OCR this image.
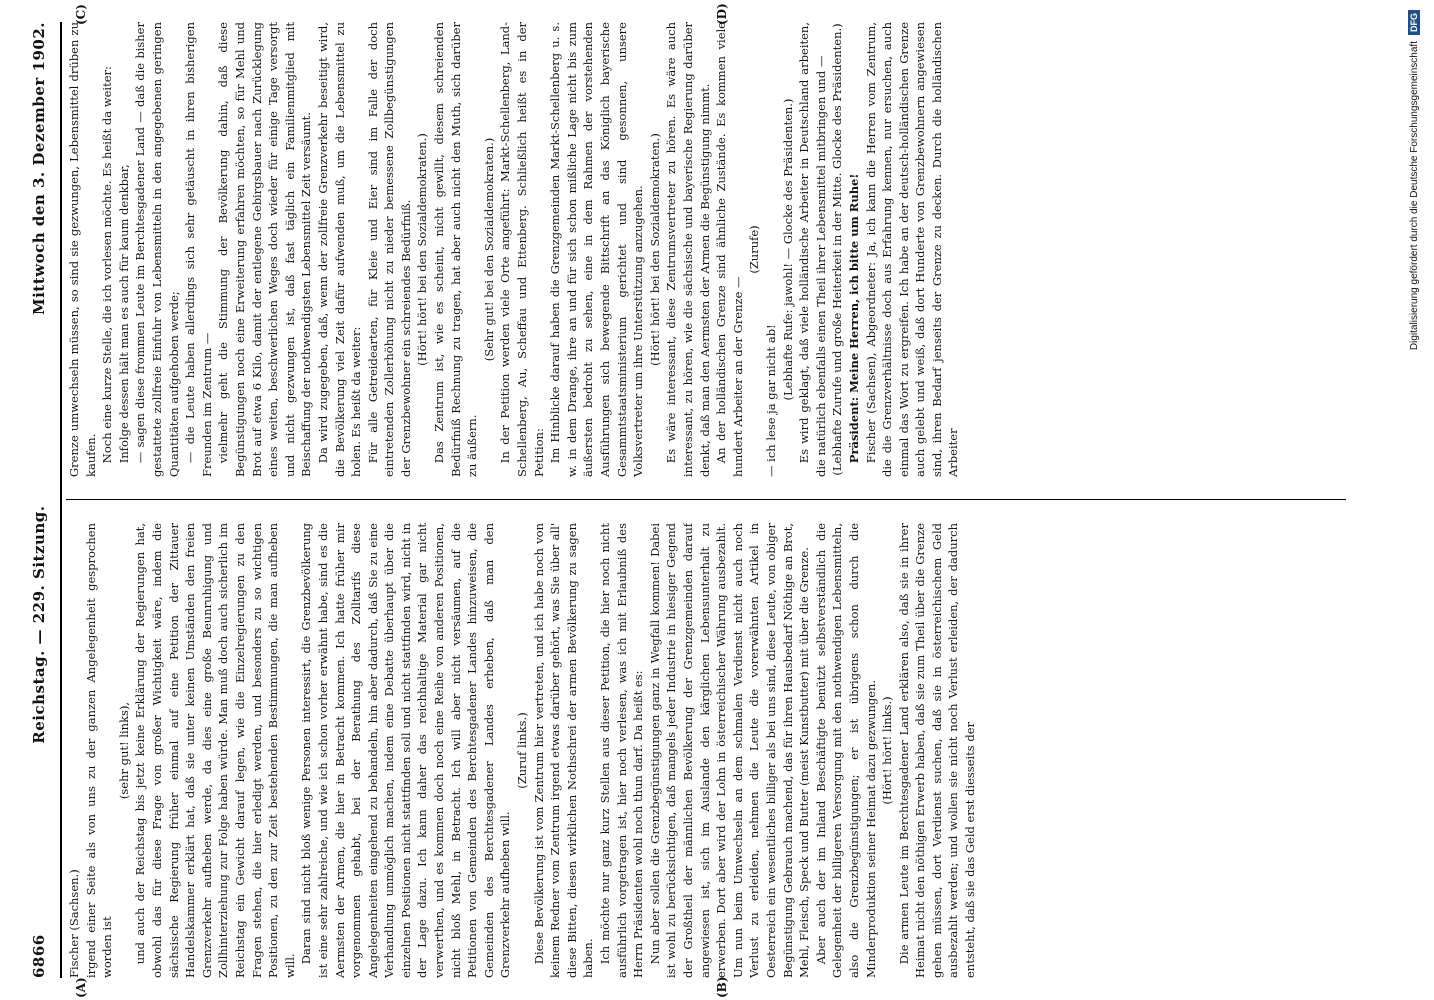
6866
Reichstag. — 229. Sitzung.
Mittwoch den 3. Dezember 1902.
(A)	(B)
(C)	(D)

Fischer (Sachsen.) irgend einer Seite als von uns zu der ganzen Angelegenheit gesprochen worden ist

(sehr gut! links), und auch der Reichstag bis jetzt keine Erklärung der Regierungen hat, obwohl das für diese Frage von großer Wichtigkeit wäre, indem die sächsische Regierung früher einmal auf eine Petition der Zittauer Handelskammer erklärt hat, daß sie unter keinen Umständen den freien Grenzverkehr aufheben werde, da dies eine große Beunruhigung und Zollhinterziehung zur Folge haben würde. Man muß doch auch sicherlich im Reichstag ein Gewicht darauf legen, wie die Einzelregierungen zu den Fragen stehen, die hier erledigt werden, und besonders zu so wichtigen Positionen, zu den zur Zeit bestehenden Bestimmungen, die man aufheben will.

Daran sind nicht bloß wenige Personen interessirt, die Grenzbevölkerung ist eine sehr zahlreiche, und wie ich schon vorher erwähnt habe, sind es die Aermsten der Armen, die hier in Betracht kommen. Ich hatte früher mir vorgenommen gehabt, bei der Berathung des Zolltarifs diese Angelegenheiten eingehend zu behandeln, hin aber dadurch, daß Sie zu eine Verhandlung unmöglich machen, indem eine Debatte überhaupt über die einzelnen Positionen nicht stattfinden soll und nicht stattfinden wird, nicht in der Lage dazu. Ich kann daher das reichhaltige Material gar nicht verwerthen, und es kommen doch noch eine Reihe von anderen Positionen, nicht bloß Mehl, in Betracht. Ich will aber nicht versäumen, auf die Petitionen von Gemeinden des Berchtesgadener Landes hinzuweisen, die Gemeinden des Berchtesgadener Landes erheben, daß man den Grenzverkehr aufheben will.

(Zuruf links.) Diese Bevölkerung ist vom Zentrum hier vertreten, und ich habe noch von keinem Redner vom Zentrum irgend etwas darüber gehört, was Sie über all' diese Bitten, diesen wirklichen Nothschrei der armen Bevölkerung zu sagen haben. Ich möchte nur ganz kurz Stellen aus dieser Petition, die hier noch nicht ausführlich vorgetragen ist, hier noch verlesen, was ich mit Erlaubniß des Herrn Präsidenten wohl noch thun darf. Da heißt es: Nun aber sollen die Grenzbegünstigungen ganz in Wegfall kommen! Dabei ist wohl zu berücksichtigen, daß mangels jeder Industrie in hiesiger Gegend der Großtheil der männlichen Bevölkerung der Grenzgemeinden darauf angewiesen ist, sich im Auslande den kärglichen Lebensunterhalt zu erwerben. Dort aber wird der Lohn in österreichischer Währung ausbezahlt. Um nun beim Umwechseln an dem schmalen Verdienst nicht auch noch Verlust zu erleiden, nehmen die Leute die vorerwähnten Artikel in Oesterreich ein wesentliches billiger als bei uns sind, diese Leute, von obiger Begünstigung Gebrauch machend, das für ihren Hausbedarf Nöthige an Brot, Mehl, Fleisch, Speck und Butter (meist Kunstbutter) mit über die Grenze. Aber auch der im Inland Beschäftigte benützt selbstverständlich die Gelegenheit der billigeren Versorgung mit den nothwendigen Lebensmitteln, also die Grenzbegünstigungen; er ist übrigens schon durch die Minderproduktion seiner Heimat dazu gezwungen. (Hört! hört! links.) Die armen Leute im Berchtesgadener Land erklären also, daß sie in ihrer Heimat nicht den nöthigen Erwerb haben, daß sie zum Theil über die Grenze gehen müssen, dort Verdienst suchen, daß sie in österreichischem Geld ausbezahlt werden; und wollen sie nicht noch Verlust erleiden, der dadurch entsteht, daß sie das Geld erst diesseits der

Grenze umwechseln müssen, so sind sie gezwungen, Lebensmittel drüben zu kaufen. Noch eine kurze Stelle, die ich vorlesen möchte. Es heißt da weiter: Infolge dessen hält man es auch für kaum denkbar, — sagen diese frommen Leute im Berchtesgadener Land — daß die bisher gestattete zollfreie Einfuhr von Lebensmitteln in den angegebenen geringen Quantitäten aufgehoben werde; — die Leute haben allerdings sich sehr getäuscht in ihren bisherigen Freunden im Zentrum — vielmehr geht die Stimmung der Bevölkerung dahin, daß diese Begünstigungen noch eine Erweiterung erfahren möchten, so für Mehl und Brot auf etwa 6 Kilo, damit der entlegene Gebirgsbauer nach Zurücklegung eines weiten, beschwerlichen Weges doch wieder für einige Tage versorgt und nicht gezwungen ist, daß fast täglich ein Familienmitglied mit Beischaffung der nothwendigsten Lebensmittel Zeit versäumt. Da wird zugegeben, daß, wenn der zollfreie Grenzverkehr beseitigt wird, die Bevölkerung viel Zeit dafür aufwenden muß, um die Lebensmittel zu holen. Es heißt da weiter: Für alle Getreidearten, für Kleie und Eier sind im Falle der doch eintretenden Zollerhöhung nicht zu nieder bemessene Zollbegünstigungen der Grenzbewohner ein schreiendes Bedürfniß. (Hört! hört! bei den Sozialdemokraten.) Das Zentrum ist, wie es scheint, nicht gewillt, diesem schreienden Bedürfniß Rechnung zu tragen, hat aber auch nicht den Muth, sich darüber zu äußern.

(Sehr gut! bei den Sozialdemokraten.) In der Petition werden viele Orte angeführt: Markt-Schellenberg, Land-Schellenberg, Au, Scheffau und Ettenberg. Schließlich heißt es in der Petition: Im Hinblicke darauf haben die Grenzgemeinden Markt-Schellenberg u. s. w. in dem Drange, ihre an und für sich schon mißliche Lage nicht bis zum äußersten bedroht zu sehen, eine in dem Rahmen der vorstehenden Ausführungen sich bewegende Bittschrift an das Königlich bayerische Gesammtstaatsministerium gerichtet und sind gesonnen, unsere Volksvertreter um ihre Unterstützung anzugehen. (Hört! hört! bei den Sozialdemokraten.) Es wäre interessant, diese Zentrumsvertreter zu hören. Es wäre auch interessant, zu hören, wie die sächsische und bayerische Regierung darüber denkt, daß man den Aermsten der Armen die Begünstigung nimmt. An der holländischen Grenze sind ähnliche Zustände. Es kommen viele hundert Arbeiter an der Grenze —

(Zurufe)

— ich lese ja gar nicht ab!

(Lebhafte Rufe: jawohl! — Glocke des Präsidenten.) Es wird geklagt, daß viele holländische Arbeiter in Deutschland arbeiten, die natürlich ebenfalls einen Theil ihrer Lebensmittel mitbringen und — (Lebhafte Zurufe und große Heiterkeit in der Mitte. Glocke des Präsidenten.) Präsident: Meine Herren, ich bitte um Ruhe! Fischer (Sachsen), Abgeordneter: Ja, ich kann die Herren vom Zentrum, die die Grenzverhältnisse doch aus Erfahrung kennen, nur ersuchen, auch einmal das Wort zu ergreifen. Ich habe an der deutsch-holländischen Grenze auch gelebt und weiß, daß dort Hunderte von Grenzbewohnern angewiesen sind, ihren Bedarf jenseits der Grenze zu decken. Durch die holländischen Arbeiter

Digitalisierung gefördert durch die Deutsche Forschungsgemeinschaft
DFG
